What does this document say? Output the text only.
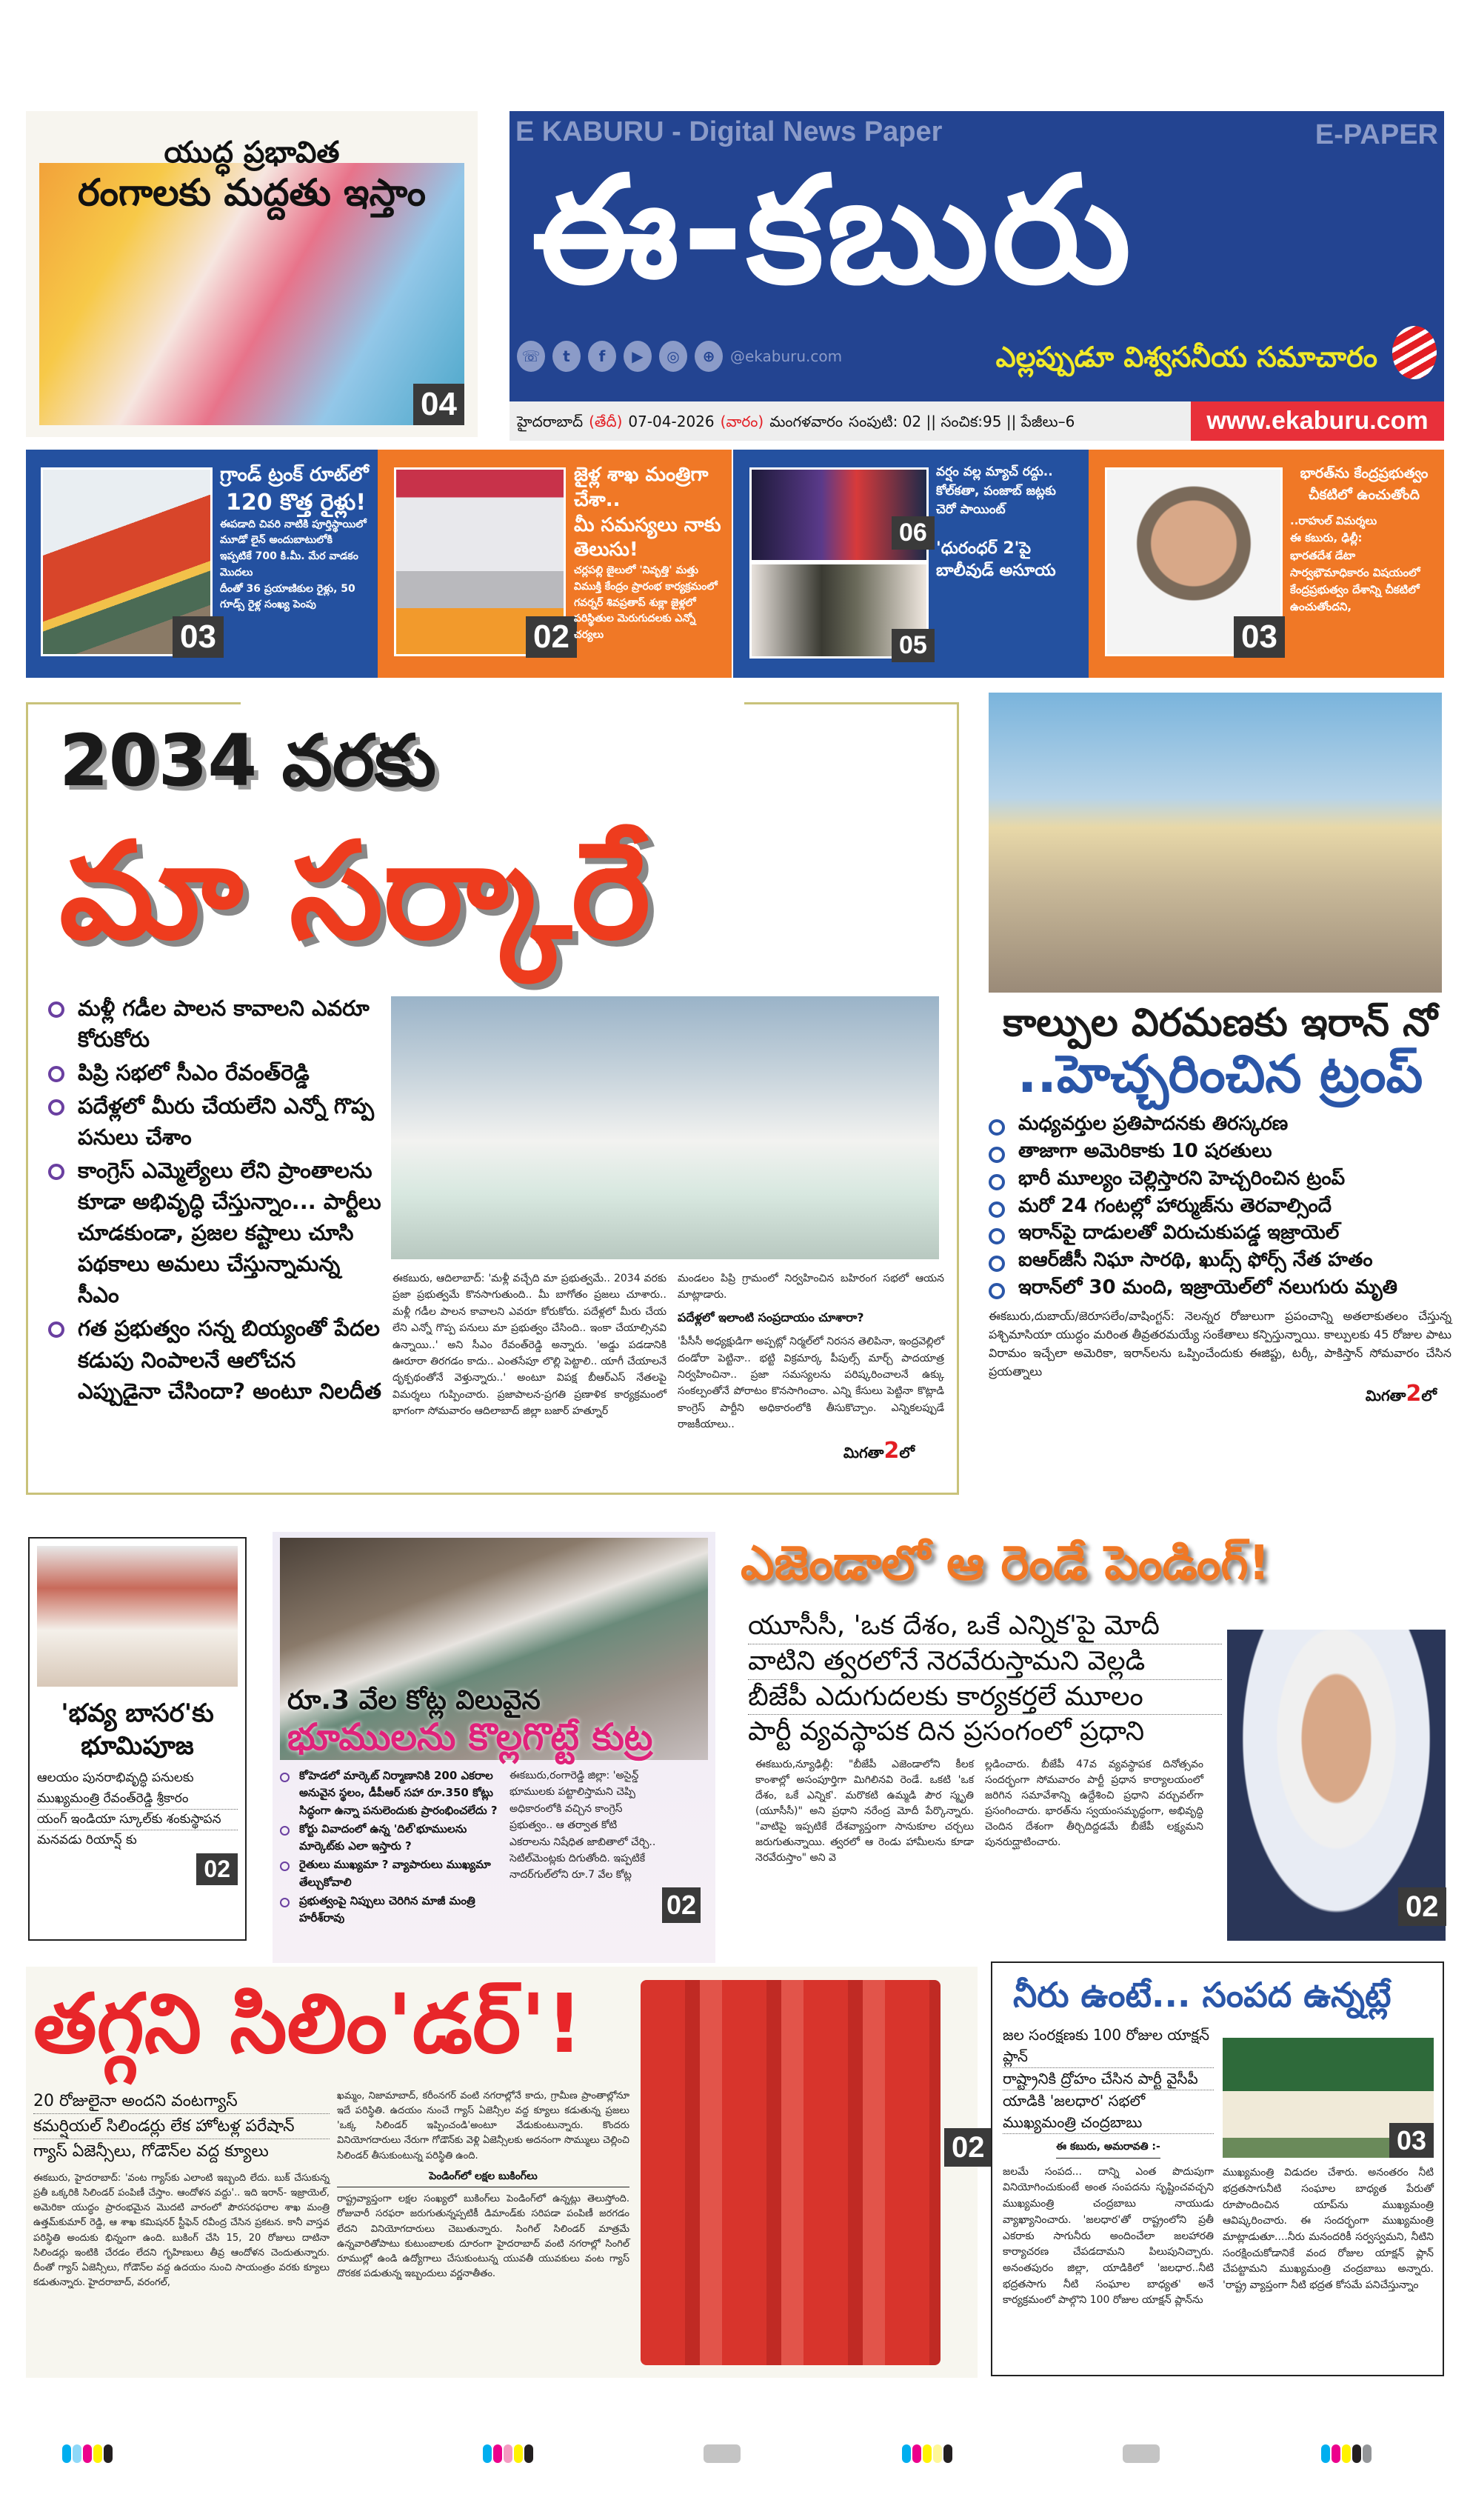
యుద్ధ ప్రభావిత
రంగాలకు మద్దతు ఇస్తాం
04
E KABURU - Digital News Paper	E-PAPER
ఈ-కబురు
☏	t	f	▶	◎	⊕	@ekaburu.com	ఎల్లప్పుడూ విశ్వసనీయ సమాచారం
హైదరాబాద్ (తేదీ) 07-04-2026 (వారం) మంగళవారం సంపుటి: 02 || సంచిక:95 || పేజీలు–6	www.ekaburu.com
03
గ్రాండ్ ట్రంక్ రూట్‌లో
120 కొత్త రైళ్లు!

ఈపడాది చివరి నాటికి పూర్తిస్థాయిలో మూడో లైన్ అందుబాటులోకి

ఇప్పటికే 700 కి.మీ. మేర వాడకం మొదలు

దీంతో 36 ప్రయాణికుల రైళ్లు, 50 గూడ్స్ రైళ్ల సంఖ్య పెంపు

02
జైళ్ల శాఖ మంత్రిగా చేశా..
మీ సమస్యలు నాకు తెలుసు!

చర్లపల్లి జైలులో 'నివృత్తి' మత్తు విముక్తి కేంద్రం ప్రారంభ కార్యక్రమంలో గవర్నర్ శివప్రతాప్ శుక్లా జైళ్లలో పరిస్థితుల మెరుగుదలకు ఎన్నో చర్యలు

06
05

వర్షం వల్ల మ్యాచ్ రద్దు..

కోల్‌కతా, పంజాబ్ జట్లకు

చెరో పాయింట్

'ధురంధర్ 2'పై బాలీవుడ్ అసూయ

03

భారత్‌ను కేంద్రప్రభుత్వం చీకటిలో ఉంచుతోంది

..రాహుల్ విమర్శలు

ఈ కబురు, ఢిల్లీ:

భారతదేశ డేటా సార్వభౌమాధికారం విషయంలో కేంద్రప్రభుత్వం దేశాన్ని చీకటిలో ఉంచుతోందని,

2034 వరకు
మా సర్కారే
మళ్లీ గడీల పాలన కావాలని ఎవరూ కోరుకోరు
పిప్రి సభలో సీఎం రేవంత్‌రెడ్డి
పదేళ్లలో మీరు చేయలేని ఎన్నో గొప్ప పనులు చేశాం
కాంగ్రెస్ ఎమ్మెల్యేలు లేని ప్రాంతాలను కూడా అభివృద్ధి చేస్తున్నాం... పార్టీలు చూడకుండా, ప్రజల కష్టాలు చూసి పథకాలు అమలు చేస్తున్నామన్న సీఎం
గత ప్రభుత్వం సన్న బియ్యంతో పేదల కడుపు నింపాలనే ఆలోచన ఎప్పుడైనా చేసిందా? అంటూ నిలదీత
ఈకబురు, ఆదిలాబాద్: 'మళ్లీ వచ్చేది మా ప్రభుత్వమే.. 2034 వరకు ప్రజా ప్రభుత్వమే కొనసాగుతుంది.. మీ బాగోతం ప్రజలు చూశారు.. మళ్లీ గడీల పాలన కావాలని ఎవరూ కోరుకోరు. పదేళ్లలో మీరు చేయ లేని ఎన్నో గొప్ప పనులు మా ప్రభుత్వం చేసింది.. ఇంకా చేయాల్సినవి ఉన్నాయి..' అని సీఎం రేవంత్‌రెడ్డి అన్నారు. 'అడ్డు పడడానికి ఊరూరా తిరగడం కాదు.. ఎంతసేపూ లొల్లి పెట్టాలి.. యాగీ చేయాలనే దృక్పథంతోనే వెళ్తున్నారు..' అంటూ విపక్ష బీఆర్ఎస్ నేతలపై విమర్శలు గుప్పించారు. ప్రజాపాలన-ప్రగతి ప్రణాళిక కార్యక్రమంలో భాగంగా సోమవారం ఆదిలాబాద్ జిల్లా బజార్ హత్నూర్
మండలం పిప్రి గ్రామంలో నిర్వహించిన బహిరంగ సభలో ఆయన మాట్లాడారు.
పదేళ్లలో ఇలాంటి సంప్రదాయం చూశారా?
'పీసీసీ అధ్యక్షుడిగా అప్పట్లో నిర్మల్‌లో నిరసన తెలిపినా, ఇంద్రవెల్లిలో దండోరా పెట్టినా.. భట్టి విక్రమార్క పీపుల్స్ మార్చ్ పాదయాత్ర నిర్వహించినా.. ప్రజా సమస్యలను పరిష్కరించాలనే ఉక్కు సంకల్పంతోనే పోరాటం కొనసాగించాం. ఎన్ని కేసులు పెట్టినా కొట్లాడి కాంగ్రెస్ పార్టీని అధికారంలోకి తీసుకొచ్చాం. ఎన్నికలప్పుడే రాజకీయాలు..
మిగతా2లో
కాల్పుల విరమణకు ఇరాన్ నో
..హెచ్చరించిన ట్రంప్
మధ్యవర్తుల ప్రతిపాదనకు తిరస్కరణ
తాజాగా అమెరికాకు 10 షరతులు
భారీ మూల్యం చెల్లిస్తారని హెచ్చరించిన ట్రంప్
మరో 24 గంటల్లో హార్ముజ్‌ను తెరవాల్సిందే
ఇరాన్‌పై దాడులతో విరుచుకుపడ్డ ఇజ్రాయెల్
ఐఆర్‌జీసీ నిఘా సారథి, ఖుద్స్ ఫోర్స్ నేత హతం
ఇరాన్‌లో 30 మంది, ఇజ్రాయెల్‌లో నలుగురు మృతి
ఈకబురు,దుబాయ్/జెరూసలేం/వాషింగ్టన్: నెలన్నర రోజులుగా ప్రపంచాన్ని అతలాకుతలం చేస్తున్న పశ్చిమాసియా యుద్ధం మరింత తీవ్రతరమయ్యే సంకేతాలు కన్పిస్తున్నాయి. కాల్పులకు 45 రోజుల పాటు విరామం ఇచ్చేలా అమెరికా, ఇరాన్‌లను ఒప్పించేందుకు ఈజిప్టు, టర్కీ, పాకిస్తాన్ సోమవారం చేసిన ప్రయత్నాలు
మిగతా2లో
'భవ్య బాసర'కు భూమిపూజ
ఆలయం పునరాభివృద్ధి పనులకు ముఖ్యమంత్రి రేవంత్‌రెడ్డి శ్రీకారం
యంగ్ ఇండియా స్కూల్‌కు శంకుస్థాపన
మనవడు రియాన్ష్ కు
02
రూ.3 వేల కోట్ల విలువైన
భూములను కొల్లగొట్టే కుట్ర
కోహెడలో మార్కెట్ నిర్మాణానికి 200 ఎకరాల అనువైన స్థలం, డీపీఆర్ సహా రూ.350 కోట్లు సిద్ధంగా ఉన్నా పనులెందుకు ప్రారంభించలేదు ?
కోర్టు వివాదంలో ఉన్న 'దిల్'భూములను మార్కెట్‌కు ఎలా ఇస్తారు ?
రైతులు ముఖ్యమా ? వ్యాపారులు ముఖ్యమా తేల్చుకోవాలి
ప్రభుత్వంపై నిప్పులు చెరిగిన మాజీ మంత్రి హరీశ్‌రావు
ఈకబురు,రంగారెడ్డి జిల్లా: 'అసైన్డ్ భూములకు పట్టాలిస్తామని చెప్పి అధికారంలోకి వచ్చిన కాంగ్రెస్ ప్రభుత్వం.. ఆ తర్వాత కోటి ఎకరాలను నిషేధిత జాబితాలో చేర్చి.. సెటిల్‌మెంట్లకు దిగుతోంది. ఇప్పటికే నాదర్‌గుల్‌లోని రూ.7 వేల కోట్ల
02
ఎజెండాలో ఆ రెండే పెండింగ్!
యూసీసీ, 'ఒక దేశం, ఒకే ఎన్నిక'పై మోదీ
వాటిని త్వరలోనే నెరవేరుస్తామని వెల్లడి
బీజేపీ ఎదుగుదలకు కార్యకర్తలే మూలం
పార్టీ వ్యవస్థాపక దిన ప్రసంగంలో ప్రధాని
ఈకబురు,న్యూఢిల్లీ: "బీజేపీ ఎజెండాలోని కీలక కాంశాల్లో అసంపూర్తిగా మిగిలినవి రెండే. ఒకటి 'ఒక దేశం, ఒకే ఎన్నిక'. మరొకటి ఉమ్మడి పౌర స్మృతి (యూసీసీ)" అని ప్రధాని నరేంద్ర మోదీ పేర్కొన్నారు. "వాటిపై ఇప్పటికే దేశవ్యాప్తంగా సానుకూల చర్చలు జరుగుతున్నాయి. త్వరలో ఆ రెండు హామీలను కూడా నెరవేరుస్తాం" అని వె
ల్లడించారు. బీజేపీ 47వ వ్యవస్థాపక దినోత్సవం సందర్భంగా సోమవారం పార్టీ ప్రధాన కార్యాలయంలో జరిగిన సమావేశాన్ని ఉద్దేశించి ప్రధాని వర్చువల్‌గా ప్రసంగించారు. భారత్‌ను స్వయంసమృద్ధంగా, అభివృద్ధి చెందిన దేశంగా తీర్చిదిద్దడమే బీజేపీ లక్ష్యమని పునరుద్ఘాటించారు.
02
తగ్గని సిలిం'డర్'!
20 రోజులైనా అందని వంటగ్యాస్
కమర్షియల్ సిలిండర్లు లేక హోటళ్ల పరేషాన్
గ్యాస్ ఏజెన్సీలు, గోడౌన్‌ల వద్ద క్యూలు
ఈకబురు, హైదరాబాద్: 'వంట గ్యాస్‌కు ఎలాంటి ఇబ్బంది లేదు. బుక్ చేసుకున్న ప్రతీ ఒక్కరికి సిలిండర్ పంపిణీ చేస్తాం. ఆందోళన వద్దు'.. ఇది ఇరాన్- ఇజ్రాయెల్, అమెరికా యుద్ధం ప్రారంభమైన మొదటి వారంలో పౌరసరఫరాల శాఖ మంత్రి ఉత్తమ్‌కుమార్ రెడ్డి, ఆ శాఖ కమిషనర్ స్టీఫెన్ రవీంద్ర చేసిన ప్రకటన. కానీ వాస్తవ పరిస్థితి అందుకు భిన్నంగా ఉంది. బుకింగ్ చేసి 15, 20 రోజులు దాటినా సిలిండర్లు ఇంటికి చేరడం లేదని గృహిణులు తీవ్ర ఆందోళన చెందుతున్నారు. దీంతో గ్యాస్ ఏజెన్సీలు, గోడౌన్‌ల వద్ద ఉదయం నుంచి సాయంత్రం వరకు క్యూలు కడుతున్నారు. హైదరాబాద్, వరంగల్,
ఖమ్మం, నిజామాబాద్, కరీంనగర్ వంటి నగరాల్లోనే కాదు, గ్రామీణ ప్రాంతాల్లోనూ ఇదే పరిస్థితి. ఉదయం నుంచే గ్యాస్ ఏజెన్సీల వద్ద క్యూలు కడుతున్న ప్రజలు 'ఒక్క సిలిండర్ ఇప్పించండి'అంటూ వేడుకుంటున్నారు. కొందరు వినియోగదారులు నేరుగా గోడౌన్‌కు వెళ్లి ఏజెన్సీలకు అదనంగా సొమ్ములు చెల్లించి సిలిండర్ తీసుకుంటున్న పరిస్థితి ఉంది.
పెండింగ్‌లో లక్షల బుకింగ్‌లు
రాష్ట్రవ్యాప్తంగా లక్షల సంఖ్యలో బుకింగ్‌లు పెండింగ్‌లో ఉన్నట్లు తెలుస్తోంది. రోజువారీ సరఫరా జరుగుతున్నప్పటికీ డిమాండ్‌కు సరిపడా పంపిణీ జరగడం లేదని వినియోగదారులు చెబుతున్నారు. సింగిల్ సిలిండర్ మాత్రమే ఉన్నవారితోపాటు కుటుంబాలకు దూరంగా హైదరాబాద్ వంటి నగరాల్లో సింగిల్ రూముల్లో ఉండి ఉద్యోగాలు చేసుకుంటున్న యువతీ యువకులు వంట గ్యాస్ దొరకక పడుతున్న ఇబ్బందులు వర్ణనాతీతం.
02
నీరు ఉంటే... సంపద ఉన్నట్లే
జల సంరక్షణకు 100 రోజుల యాక్షన్ ప్లాన్
రాష్ట్రానికి ద్రోహం చేసిన పార్టీ వైసీపీ
యాడికి 'జలధార' సభలో ముఖ్యమంత్రి చంద్రబాబు
ఈ కబురు, అమరావతి :-
జలమే సంపద... దాన్ని ఎంత పొదుపుగా వినియోగించుకుంటే అంత సంపదను సృష్టించవచ్చని ముఖ్యమంత్రి చంద్రబాబు నాయుడు వ్యాఖ్యానించారు. 'జలధార'తో రాష్ట్రంలోని ప్రతీ ఎకరాకు సాగునీరు అందించేలా జలహారతి కార్యాచరణ చేపడదామని పిలుపునిచ్చారు. అనంతపురం జిల్లా, యాడికిలో 'జలధార..నీటి భద్రతసాగు నీటి సంఘాల బాధ్యత' అనే కార్యక్రమంలో పాల్గొని 100 రోజుల యాక్షన్ ప్లాన్‌ను
03
ముఖ్యమంత్రి విడుదల చేశారు. అనంతరం నీటి భద్రతసాగునీటి సంఘాల బాధ్యత పేరుతో రూపొందించిన యాప్‌ను ముఖ్యమంత్రి ఆవిష్కరించారు. ఈ సందర్భంగా ముఖ్యమంత్రి మాట్లాడుతూ....నీరు మనందరికీ సర్వస్వమని, నీటిని సంరక్షించుకోడానికే వంద రోజుల యాక్షన్ ప్లాన్ చేపట్టామని ముఖ్యమంత్రి చంద్రబాబు అన్నారు. 'రాష్ట్ర వ్యాప్తంగా నీటి భద్రత కోసమే పనిచేస్తున్నాం
